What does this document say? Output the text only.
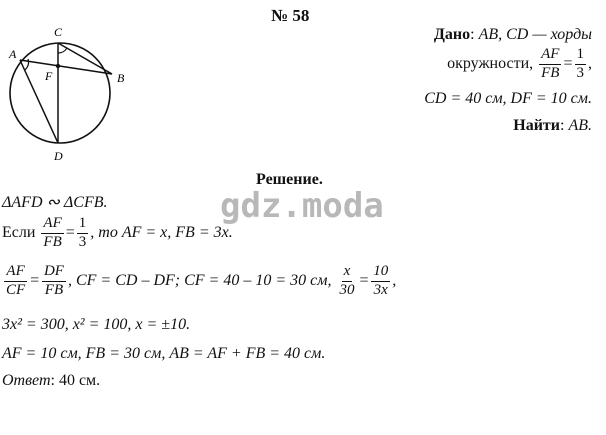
№ 58
C
A
F	B
D
Дано: AB, CD — хорды
окружности, $\frac{AF}{FB} = \frac{1}{3}$ ,
CD = 40 см, DF = 10 см.
Найти: AB.
Решение.
gdz.moda
ΔAFD ∾ ΔCFB.
Если $\frac{AF}{FB} = \frac{1}{3}$ , то AF = x, FB = 3x.
$\frac{AF}{CF} = \frac{DF}{FB}$ , CF = CD – DF; CF = 40 – 10 = 30 см, $\frac{x}{30} = \frac{10}{3x}$ ,
3x² = 300, x² = 100, x = ±10.
AF = 10 см, FB = 30 см, AB = AF + FB = 40 см.
Ответ: 40 см.
